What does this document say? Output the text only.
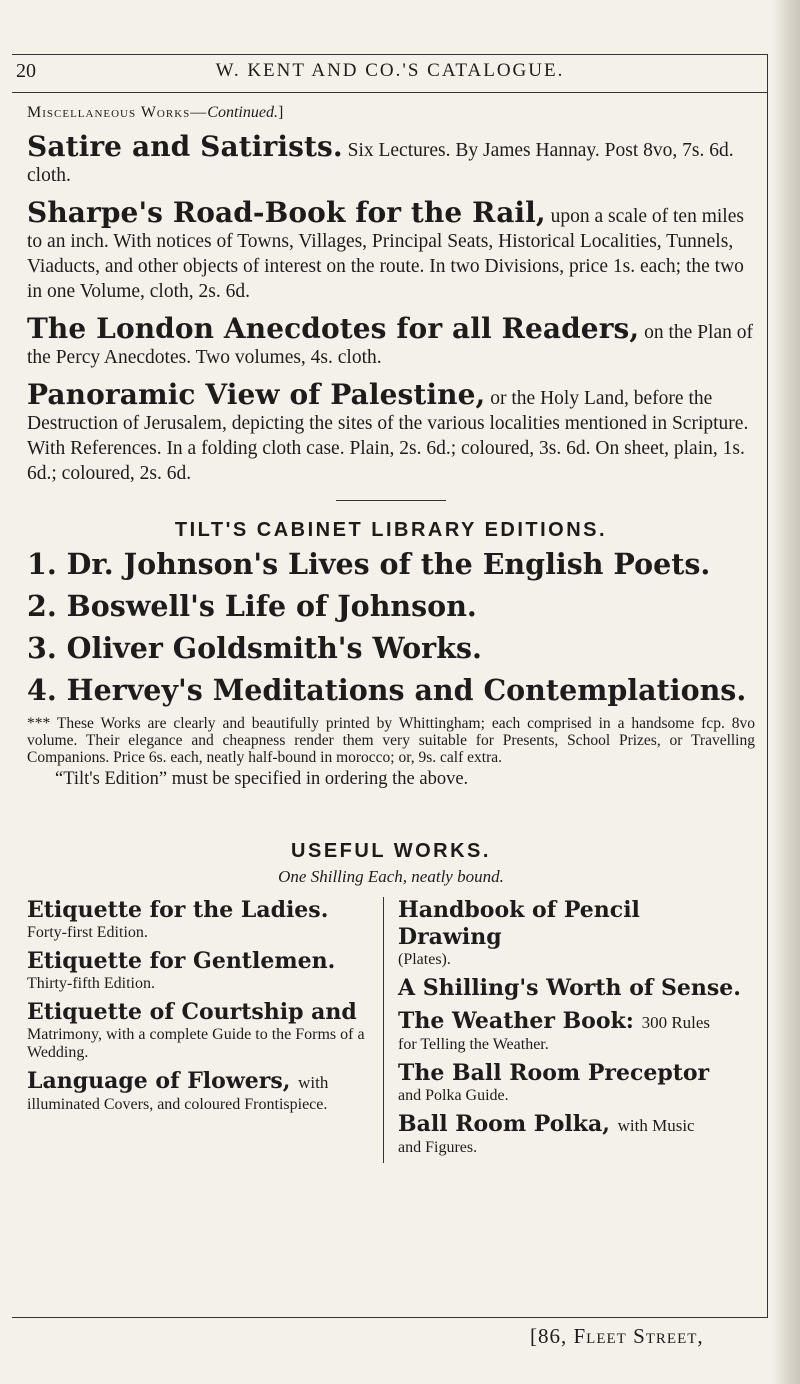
20	W. KENT AND CO.'S CATALOGUE.
Miscellaneous Works—Continued.]
Satire and Satirists. Six Lectures. By James Hannay. Post 8vo, 7s. 6d. cloth.
Sharpe's Road-Book for the Rail, upon a scale of ten miles to an inch. With notices of Towns, Villages, Principal Seats, Historical Localities, Tunnels, Viaducts, and other objects of interest on the route. In two Divisions, price 1s. each; the two in one Volume, cloth, 2s. 6d.
The London Anecdotes for all Readers, on the Plan of the Percy Anecdotes. Two volumes, 4s. cloth.
Panoramic View of Palestine, or the Holy Land, before the Destruction of Jerusalem, depicting the sites of the various localities mentioned in Scripture. With References. In a folding cloth case. Plain, 2s. 6d.; coloured, 3s. 6d. On sheet, plain, 1s. 6d.; coloured, 2s. 6d.
TILT'S CABINET LIBRARY EDITIONS.
1. Dr. Johnson's Lives of the English Poets.
2. Boswell's Life of Johnson.
3. Oliver Goldsmith's Works.
4. Hervey's Meditations and Contemplations.
*** These Works are clearly and beautifully printed by Whittingham; each comprised in a handsome fcp. 8vo volume. Their elegance and cheapness render them very suitable for Presents, School Prizes, or Travelling Companions. Price 6s. each, neatly half-bound in morocco; or, 9s. calf extra.
“Tilt's Edition” must be specified in ordering the above.
USEFUL WORKS.
One Shilling Each, neatly bound.
Etiquette for the Ladies.
Forty-first Edition.
Etiquette for Gentlemen.
Thirty-fifth Edition.
Etiquette of Courtship and
Matrimony, with a complete Guide to the Forms of a Wedding.
Language of Flowers, with
illuminated Covers, and coloured Frontispiece.
Handbook of Pencil Drawing
(Plates).
A Shilling's Worth of Sense.
The Weather Book: 300 Rules
for Telling the Weather.
The Ball Room Preceptor
and Polka Guide.
Ball Room Polka, with Music
and Figures.
[86, Fleet Street,
